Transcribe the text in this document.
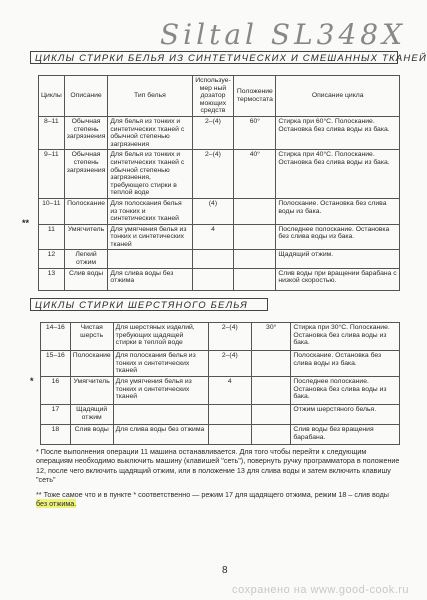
Siltal SL348X
ЦИКЛЫ СТИРКИ БЕЛЬЯ ИЗ СИНТЕТИЧЕСКИХ И СМЕШАННЫХ ТКАНЕЙ
Циклы	Описание	Тип белья	Используе-мер ный дозатор моющих средств	Положение термостата	Описание цикла
8–11	Обычная степень загрязнения	Для белья из тонких и синтетических тканей с обычной степенью загрязнения	2–(4)	60°	Стирка при 60°С. Полоскание. Остановка без слива воды из бака.
9–11	Обычная степень загрязнения	Для белья из тонких и синтетических тканей с обычной степенью загрязнения, требующего стирки в теплой воде	2–(4)	40°	Стирка при 40°С. Полоскание. Остановка без слива воды из бака.
10–11	Полоскание	Для полоскания белья из тонких и синтетических тканей	(4)		Полоскание. Остановка без слива воды из бака.
11	Умягчитель	Для умягчения белья из тонких и синтетических тканей	4		Последнее полоскание. Остановка без слива воды из бака.
12	Легкий отжим				Щадящий отжим.
13	Слив воды	Для слива воды без отжима			Слив воды при вращении барабана с низкой скоростью.
**
ЦИКЛЫ СТИРКИ ШЕРСТЯНОГО БЕЛЬЯ
14–16	Чистая шерсть	Для шерстяных изделий, требующих щадящей стирки в теплой воде	2–(4)	30°	Стирка при 30°С. Полоскание. Остановка без слива воды из бака.
15–16	Полоскание	Для полоскания белья из тонких и синтетических тканей	2–(4)		Полоскание. Остановка без слива воды из бака.
16	Умягчитель	Для умягчения белья из тонких и синтетических тканей	4		Последнее полоскание. Остановка без слива воды из бака.
17	Щадящий отжим				Отжим шерстяного белья.
18	Слив воды	Для слива воды без отжима			Слив воды без вращения барабана.
*
* После выполнения операции 11 машина останавливается. Для того чтобы перейти к следующим операциям необходимо выключить машину (клавишей "сеть"), повернуть ручку программатора в положение 12, после чего включить щадящий отжим, или в положение 13 для слива воды и затем включить клавишу "сеть"
** Тоже самое что и в пункте * соответственно — режим 17 для щадящего отжима, режим 18 – слив воды без отжима.
8
сохранено на www.good-cook.ru
